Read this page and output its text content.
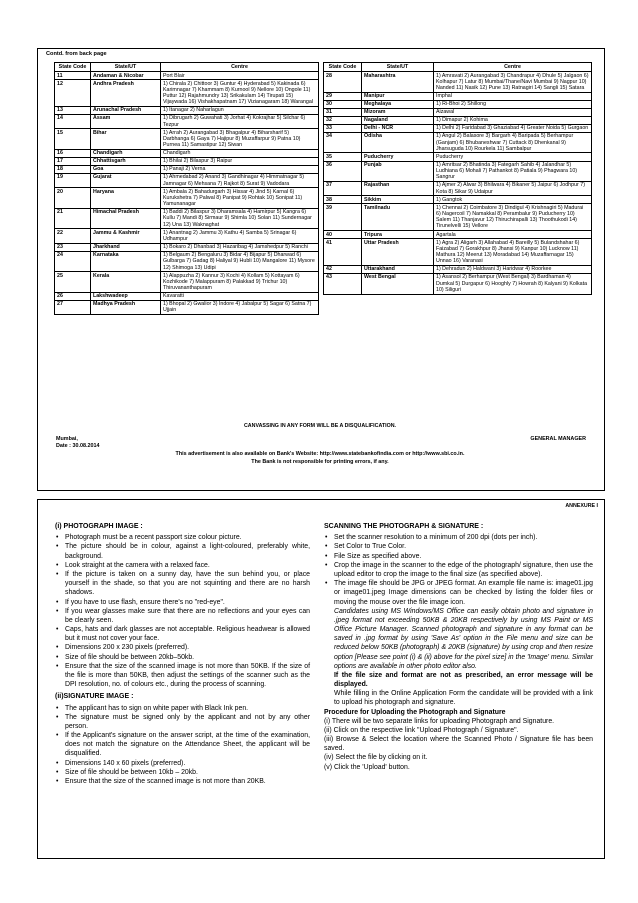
Contd. from back page
State Code	State/UT	Centre
11	Andaman & Nicobar	Port Blair
12	Andhra Pradesh	1) Chirala 2) Chittoor 3) Guntur 4) Hyderabad 5) Kakinada 6) Karimnagar 7) Khammam 8) Kurnool 9) Nellore 10) Ongole 11) Puttur 12) Rajahmundry 13) Srikakulam 14) Tirupati 15) Vijaywada 16) Vishakhapatnam 17) Vizianagaram 18) Warangal
13	Arunachal Pradesh	1) Itanagar 2) Naharlagun
14	Assam	1) Dibrugarh 2) Guwahati 3) Jorhat 4) Kokrajhar 5) Silchar 6) Tezpur
15	Bihar	1) Arrah 2) Aurangabad 3) Bhagalpur 4) Biharsharif 5) Darbhanga 6) Gaya 7) Hajipur 8) Muzaffarpur 9) Patna 10) Purnea 11) Samastipur 12) Siwan
16	Chandigarh	Chandigarh
17	Chhattisgarh	1) Bhilai 2) Bilaspur 3) Raipur
18	Goa	1) Panaji 2) Verna
19	Gujarat	1) Ahmedabad 2) Anand 3) Gandhinagar 4) Himmatnagar 5) Jamnagar 6) Mehsana 7) Rajkot 8) Surat 9) Vadodara
20	Haryana	1) Ambala 2) Bahadurgarh 3) Hissar 4) Jind 5) Karnal 6) Kurukshetra 7) Palwal 8) Panipat 9) Rohtak 10) Sonipat 11) Yamunanagar
21	Himachal Pradesh	1) Baddi 2) Bilaspur 3) Dharamsala 4) Hamirpur 5) Kangra 6) Kullu 7) Mandi 8) Sirmaur 9) Shimla 10) Solan 11) Sundernagar 12) Una 13) Waknaghat
22	Jammu & Kashmir	1) Anantnag 2) Jammu 3) Kathu 4) Samba 5) Srinagar 6) Udhampur
23	Jharkhand	1) Bokaro 2) Dhanbad 3) Hazaribag 4) Jamshedpur 5) Ranchi
24	Karnataka	1) Belgaum 2) Bengaluru 3) Bidar 4) Bijapur 5) Dharwad 6) Gulbarga 7) Gadag 8) Haliyal 9) Hubli 10) Mangalore 11) Mysore 12) Shimoga 13) Udipi
25	Kerala	1) Alappuzha 2) Kannur 3) Kochi 4) Kollam 5) Kottayam 6) Kozhikode 7) Malappuram 8) Palakkad 9) Trichur 10) Thiruvananthapuram
26	Lakshwadeep	Kavaratti
27	Madhya Pradesh	1) Bhopal 2) Gwalior 3) Indore 4) Jabalpur 5) Sagar 6) Satna 7) Ujjain
State Code	State/UT	Centre
28	Maharashtra	1) Amravati 2) Aurangabad 3) Chandrapur 4) Dhule 5) Jalgaon 6) Kolhapur 7) Latur 8) Mumbai/Thane/Navi Mumbai 9) Nagpur 10) Nanded 11) Nasik 12) Pune 13) Ratnagiri 14) Sangli 15) Satara
29	Manipur	Imphal
30	Meghalaya	1) Ri-Bhoi 2) Shillong
31	Mizoram	Aizawal
32	Nagaland	1) Dimapur 2) Kohima
33	Delhi - NCR	1) Delhi 2) Faridabad 3) Ghaziabad 4) Greater Noida 5) Gurgaon
34	Odisha	1) Angul 2) Balasore 3) Bargarh 4) Baripada 5) Berhampur (Ganjam) 6) Bhubaneshwar 7) Cuttack 8) Dhenkanal 9) Jharsuguda 10) Rourkela 11) Sambalpur
35	Puducherry	Puducherry
36	Punjab	1) Amritsar 2) Bhatinda 3) Fategarh Sahib 4) Jalandhar 5) Ludhiana 6) Mohali 7) Pathankot 8) Patiala 9) Phagwara 10) Sangrur
37	Rajasthan	1) Ajmer 2) Alwar 3) Bhilwara 4) Bikaner 5) Jaipur 6) Jodhpur 7) Kota 8) Sikar 9) Udaipur
38	Sikkim	1) Gangtok
39	Tamilnadu	1) Chennai 2) Coimbatore 3) Dindigul 4) Krishnagiri 5) Madurai 6) Nagercoil 7) Namakkal 8) Perambalur 9) Puducherry 10) Salem 11) Thanjavur 12) Thiruchirapalli 13) Thoothukodi 14) Tirunelvelli 15) Vellore
40	Tripura	Agartala
41	Uttar Pradesh	1) Agra 2) Aligarh 3) Allahabad 4) Bareilly 5) Bulandshahar 6) Faizabad 7) Gorakhpur 8) Jhansi 9) Kanpur 10) Lucknow 11) Mathura 12) Meerut 13) Moradabad 14) Muzaffarnagar 15) Unnao 16) Varanasi
42	Uttarakhand	1) Dehradun 2) Haldwani 3) Haridwar 4) Roorkee
43	West Bengal	1) Asansol 2) Berhampur (West Bengal) 3) Bardhaman 4) Dumkal 5) Durgapur 6) Hooghly 7) Howrah 8) Kalyani 9) Kolkata 10) Siliguri
CANVASSING IN ANY FORM WILL BE A DISQUALIFICATION.
Mumbai,
Date : 30.08.2014
GENERAL MANAGER
This advertisement is also available on Bank's Website: http://www.statebankofindia.com or http://www.sbi.co.in.
The Bank is not responsible for printing errors, if any.
ANNEXURE I
(i) PHOTOGRAPH IMAGE :
• Photograph must be a recent passport size colour picture.
• The picture should be in colour, against a light-coloured, preferably white, background.
• Look straight at the camera with a relaxed face.
• If the picture is taken on a sunny day, have the sun behind you, or place yourself in the shade, so that you are not squinting and there are no harsh shadows.
• If you have to use flash, ensure there's no "red-eye".
• If you wear glasses make sure that there are no reflections and your eyes can be clearly seen.
• Caps, hats and dark glasses are not acceptable. Religious headwear is allowed but it must not cover your face.
• Dimensions 200 x 230 pixels (preferred).
• Size of file should be between 20kb–50kb.
• Ensure that the size of the scanned image is not more than 50KB. If the size of the file is more than 50KB, then adjust the settings of the scanner such as the DPI resolution, no. of colours etc., during the process of scanning.
(ii)SIGNATURE IMAGE :
• The applicant has to sign on white paper with Black Ink pen.
• The signature must be signed only by the applicant and not by any other person.
• If the Applicant's signature on the answer script, at the time of the examination, does not match the signature on the Attendance Sheet, the applicant will be disqualified.
• Dimensions 140 x 60 pixels (preferred).
• Size of file should be between 10kb – 20kb.
• Ensure that the size of the scanned image is not more than 20KB.
SCANNING THE PHOTOGRAPH & SIGNATURE :
• Set the scanner resolution to a minimum of 200 dpi (dots per inch).
• Set Color to True Color.
• File Size as specified above.
• Crop the image in the scanner to the edge of the photograph/ signature, then use the upload editor to crop the image to the final size (as specified above).
• The image file should be JPG or JPEG format. An example file name is: image01.jpg or image01.jpeg Image dimensions can be checked by listing the folder files or moving the mouse over the file image icon.

Candidates using MS Windows/MS Office can easily obtain photo and signature in .jpeg format not exceeding 50KB & 20KB respectively by using MS Paint or MS Office Picture Manager. Scanned photograph and signature in any format can be saved in .jpg format by using 'Save As' option in the File menu and size can be reduced below 50KB (photograph) & 20KB (signature) by using crop and then resize option [Please see point (i) & (ii) above for the pixel size] in the 'Image' menu. Similar options are available in other photo editor also.

If the file size and format are not as prescribed, an error message will be displayed.

While filling in the Online Application Form the candidate will be provided with a link to upload his photograph and signature.

Procedure for Uploading the Photograph and Signature

(i) There will be two separate links for uploading Photograph and Signature.
(ii) Click on the respective link "Upload Photograph / Signature".
(iii) Browse & Select the location where the Scanned Photo / Signature file has been saved.
(iv) Select the file by clicking on it.
(v) Click the 'Upload' button.
